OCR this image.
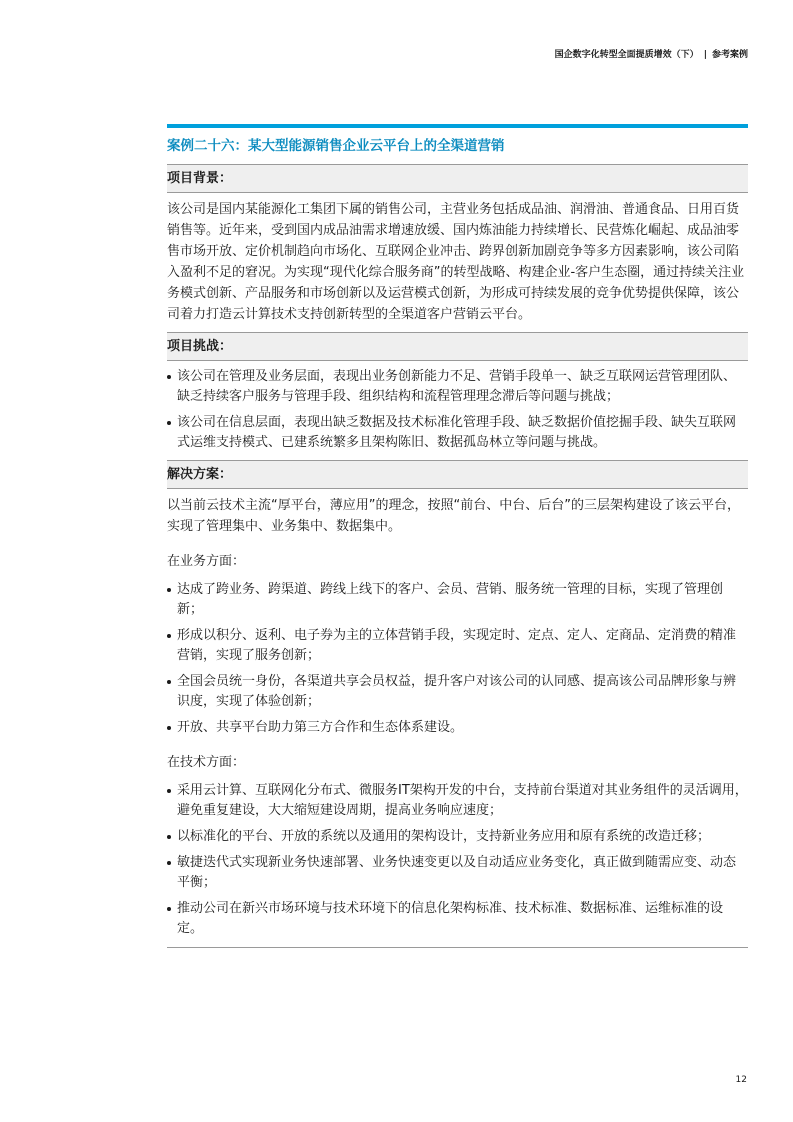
国企数字化转型全面提质增效（下） | 参考案例
案例二十六：某大型能源销售企业云平台上的全渠道营销
项目背景：

该公司是国内某能源化工集团下属的销售公司，主营业务包括成品油、润滑油、普通食品、日用百货销售等。近年来，受到国内成品油需求增速放缓、国内炼油能力持续增长、民营炼化崛起、成品油零售市场开放、定价机制趋向市场化、互联网企业冲击、跨界创新加剧竞争等多方因素影响，该公司陷入盈利不足的窘况。为实现“现代化综合服务商”的转型战略、构建企业-客户生态圈，通过持续关注业务模式创新、产品服务和市场创新以及运营模式创新，为形成可持续发展的竞争优势提供保障，该公司着力打造云计算技术支持创新转型的全渠道客户营销云平台。

项目挑战：
该公司在管理及业务层面，表现出业务创新能力不足、营销手段单一、缺乏互联网运营管理团队、缺乏持续客户服务与管理手段、组织结构和流程管理理念滞后等问题与挑战；
该公司在信息层面，表现出缺乏数据及技术标准化管理手段、缺乏数据价值挖掘手段、缺失互联网式运维支持模式、已建系统繁多且架构陈旧、数据孤岛林立等问题与挑战。
解决方案：

以当前云技术主流“厚平台，薄应用”的理念，按照“前台、中台、后台”的三层架构建设了该云平台，实现了管理集中、业务集中、数据集中。

在业务方面：
达成了跨业务、跨渠道、跨线上线下的客户、会员、营销、服务统一管理的目标，实现了管理创新；
形成以积分、返利、电子券为主的立体营销手段，实现定时、定点、定人、定商品、定消费的精准营销，实现了服务创新；
全国会员统一身份，各渠道共享会员权益，提升客户对该公司的认同感、提高该公司品牌形象与辨识度，实现了体验创新；
开放、共享平台助力第三方合作和生态体系建设。
在技术方面：
采用云计算、互联网化分布式、微服务IT架构开发的中台，支持前台渠道对其业务组件的灵活调用，避免重复建设，大大缩短建设周期，提高业务响应速度；
以标准化的平台、开放的系统以及通用的架构设计，支持新业务应用和原有系统的改造迁移；
敏捷迭代式实现新业务快速部署、业务快速变更以及自动适应业务变化，真正做到随需应变、动态平衡；
推动公司在新兴市场环境与技术环境下的信息化架构标准、技术标准、数据标准、运维标准的设定。
12
